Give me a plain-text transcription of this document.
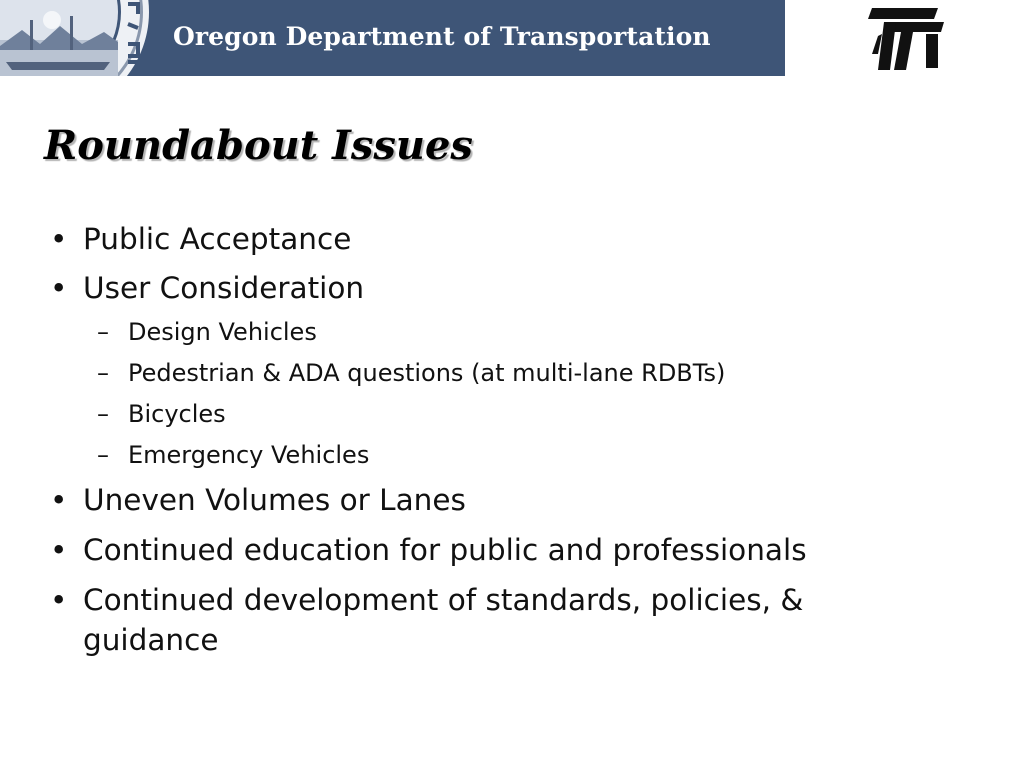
Oregon Department of Transportation
Roundabout Issues
• Public Acceptance
• User Consideration
– Design Vehicles
– Pedestrian & ADA questions (at multi-lane RDBTs)
– Bicycles
– Emergency Vehicles
• Uneven Volumes or Lanes
• Continued education for public and professionals
• Continued development of standards, policies, &
guidance
